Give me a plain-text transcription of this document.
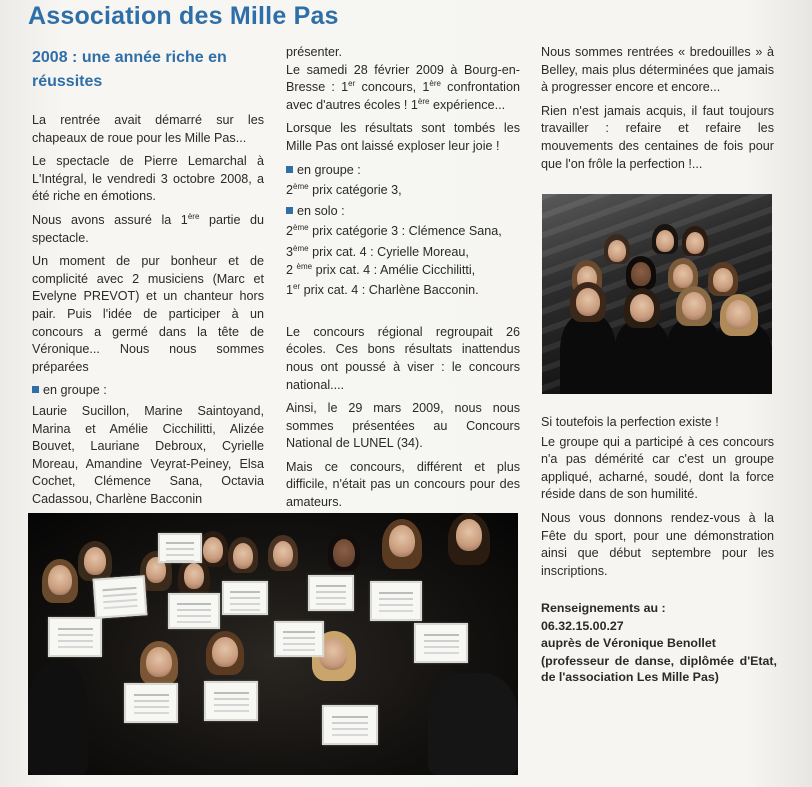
Association des Mille Pas
2008 : une année riche en réussites

La rentrée avait démarré sur les chapeaux de roue pour les Mille Pas...

Le spectacle de Pierre Lemarchal à L'Intégral, le vendredi 3 octobre 2008, a été riche en émotions.

Nous avons assuré la 1ère partie du spectacle.

Un moment de pur bonheur et de complicité avec 2 musiciens (Marc et Evelyne PREVOT) et un chanteur hors pair. Puis l'idée de participer à un concours a germé dans la tête de Véronique... Nous nous sommes préparées

en groupe :

Laurie Sucillon, Marine Saintoyand, Marina et Amélie Cicchilitti, Alizée Bouvet, Lauriane Debroux, Cyrielle Moreau, Amandine Veyrat-Peiney, Elsa Cochet, Clémence Sana, Octavia Cadassou, Charlène Bacconin

présenter.

Le samedi 28 février 2009 à Bourg-en-Bresse : 1er concours, 1ère confrontation avec d'autres écoles ! 1ère expérience...

Lorsque les résultats sont tombés les Mille Pas ont laissé exploser leur joie !

en groupe :

2ème prix catégorie 3,

en solo :

2ème prix catégorie 3 : Clémence Sana,

3ème prix cat. 4 : Cyrielle Moreau,

2 $^{ème}$ prix cat. 4 : Amélie Cicchilitti,

1er prix cat. 4 : Charlène Bacconin.

Le concours régional regroupait 26 écoles. Ces bons résultats inattendus nous ont poussé à viser : le concours national....

Ainsi, le 29 mars 2009, nous nous sommes présentées au Concours National de LUNEL (34).

Mais ce concours, différent et plus difficile, n'était pas un concours pour des amateurs.

Nous sommes rentrées « bredouilles » à Belley, mais plus déterminées que jamais à progresser encore et encore...

Rien n'est jamais acquis, il faut toujours travailler : refaire et refaire les mouvements des centaines de fois pour que l'on frôle la perfection !...

Si toutefois la perfection existe !

Le groupe qui a participé à ces concours n'a pas démérité car c'est un groupe appliqué, acharné, soudé, dont la force réside dans de son humilité.

Nous vous donnons rendez-vous à la Fête du sport, pour une démonstration ainsi que début septembre pour les inscriptions.

Renseignements au :
06.32.15.00.27
auprès de Véronique Benollet
(professeur de danse, diplômée d'Etat, de l'association Les Mille Pas)
